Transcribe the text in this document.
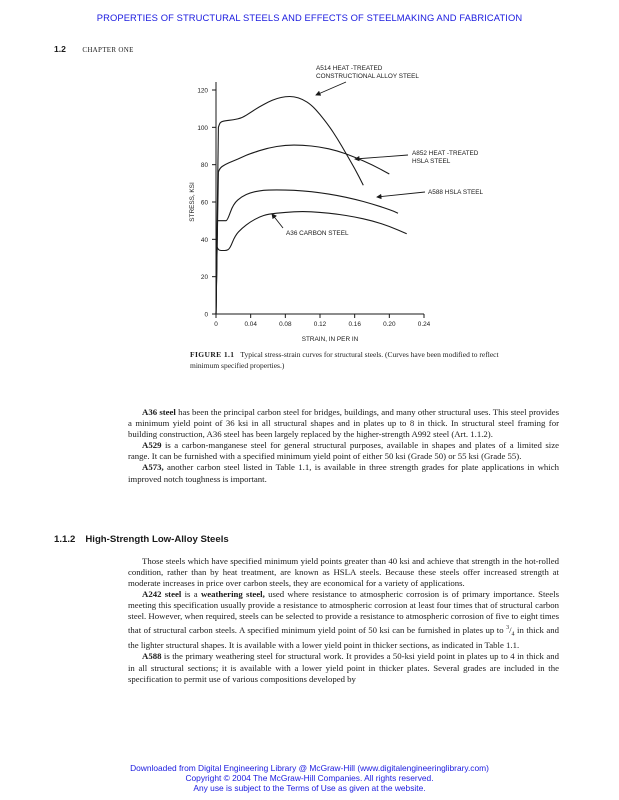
PROPERTIES OF STRUCTURAL STEELS AND EFFECTS OF STEELMAKING AND FABRICATION
1.2 CHAPTER ONE
0
20
40
60
80
100
120
0	0.04	0.08	0.12	0.16	0.20	0.24
STRAIN, IN PER IN
STRESS, KSI
A514 HEAT -TREATED
CONSTRUCTIONAL ALLOY STEEL
A852 HEAT -TREATED
HSLA STEEL
A588 HSLA STEEL
A36 CARBON STEEL
FIGURE 1.1 Typical stress-strain curves for structural steels. (Curves have been modified to reflect minimum specified properties.)

A36 steel has been the principal carbon steel for bridges, buildings, and many other structural uses. This steel provides a minimum yield point of 36 ksi in all structural shapes and in plates up to 8 in thick. In structural steel framing for building construction, A36 steel has been largely replaced by the higher-strength A992 steel (Art. 1.1.2).

A529 is a carbon-manganese steel for general structural purposes, available in shapes and plates of a limited size range. It can be furnished with a specified minimum yield point of either 50 ksi (Grade 50) or 55 ksi (Grade 55).

A573, another carbon steel listed in Table 1.1, is available in three strength grades for plate applications in which improved notch toughness is important.

1.1.2 High-Strength Low-Alloy Steels

Those steels which have specified minimum yield points greater than 40 ksi and achieve that strength in the hot-rolled condition, rather than by heat treatment, are known as HSLA steels. Because these steels offer increased strength at moderate increases in price over carbon steels, they are economical for a variety of applications.

A242 steel is a weathering steel, used where resistance to atmospheric corrosion is of primary importance. Steels meeting this specification usually provide a resistance to atmospheric corrosion at least four times that of structural carbon steel. However, when required, steels can be selected to provide a resistance to atmospheric corrosion of five to eight times that of structural carbon steels. A specified minimum yield point of 50 ksi can be furnished in plates up to $^3/_4$ in thick and the lighter structural shapes. It is available with a lower yield point in thicker sections, as indicated in Table 1.1.

A588 is the primary weathering steel for structural work. It provides a 50-ksi yield point in plates up to 4 in thick and in all structural sections; it is available with a lower yield point in thicker plates. Several grades are included in the specification to permit use of various compositions developed by

Downloaded from Digital Engineering Library @ McGraw-Hill (www.digitalengineeringlibrary.com)
Copyright © 2004 The McGraw-Hill Companies. All rights reserved.
Any use is subject to the Terms of Use as given at the website.
